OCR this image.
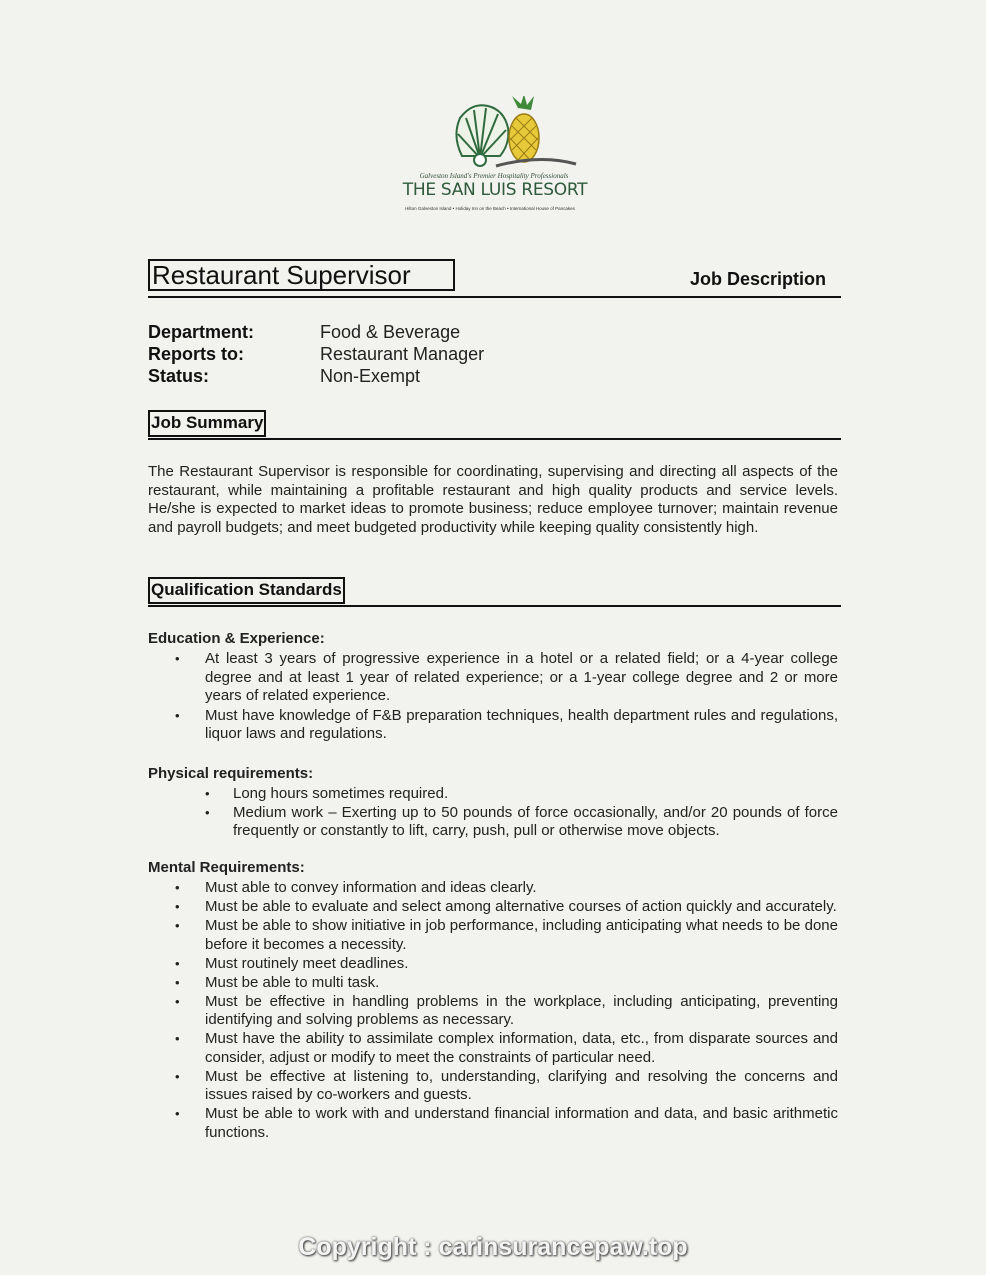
Galveston Island's Premier Hospitality Professionals
THE SAN LUIS RESORT
Hilton Galveston Island • Holiday Inn on the Beach • International House of Pancakes
Restaurant Supervisor	Job Description
Department:	Food & Beverage
Reports to:	Restaurant Manager
Status:	Non-Exempt
Job Summary
The Restaurant Supervisor is responsible for coordinating, supervising and directing all aspects of the restaurant, while maintaining a profitable restaurant and high quality products and service levels. He/she is expected to market ideas to promote business; reduce employee turnover; maintain revenue and payroll budgets; and meet budgeted productivity while keeping quality consistently high.
Qualification Standards
Education & Experience:
• At least 3 years of progressive experience in a hotel or a related field; or a 4-year college degree and at least 1 year of related experience; or a 1-year college degree and 2 or more years of related experience.
• Must have knowledge of F&B preparation techniques, health department rules and regulations, liquor laws and regulations.
Physical requirements:
• Long hours sometimes required.
• Medium work – Exerting up to 50 pounds of force occasionally, and/or 20 pounds of force frequently or constantly to lift, carry, push, pull or otherwise move objects.
Mental Requirements:
• Must able to convey information and ideas clearly.
• Must be able to evaluate and select among alternative courses of action quickly and accurately.
• Must be able to show initiative in job performance, including anticipating what needs to be done before it becomes a necessity.
• Must routinely meet deadlines.
• Must be able to multi task.
• Must be effective in handling problems in the workplace, including anticipating, preventing identifying and solving problems as necessary.
• Must have the ability to assimilate complex information, data, etc., from disparate sources and consider, adjust or modify to meet the constraints of particular need.
• Must be effective at listening to, understanding, clarifying and resolving the concerns and issues raised by co-workers and guests.
• Must be able to work with and understand financial information and data, and basic arithmetic functions.
Copyright : carinsurancepaw.top
